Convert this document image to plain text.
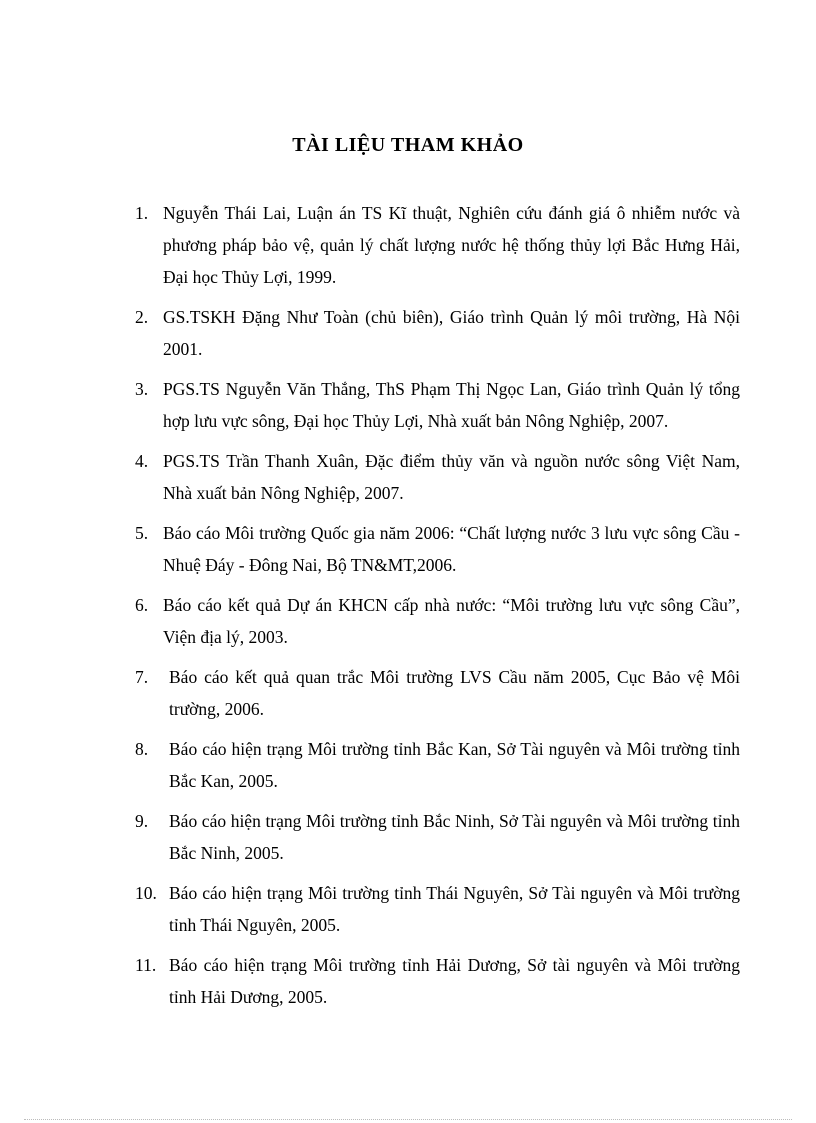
TÀI LIỆU THAM KHẢO
1. Nguyễn Thái Lai, Luận án TS Kĩ thuật, Nghiên cứu đánh giá ô nhiễm nước và phương pháp bảo vệ, quản lý chất lượng nước hệ thống thủy lợi Bắc Hưng Hải, Đại học Thủy Lợi, 1999.
2. GS.TSKH Đặng Như Toàn (chủ biên), Giáo trình Quản lý môi trường, Hà Nội 2001.
3. PGS.TS Nguyễn Văn Thắng, ThS Phạm Thị Ngọc Lan, Giáo trình Quản lý tổng hợp lưu vực sông, Đại học Thủy Lợi, Nhà xuất bản Nông Nghiệp, 2007.
4. PGS.TS Trần Thanh Xuân, Đặc điểm thủy văn và nguồn nước sông Việt Nam, Nhà xuất bản Nông Nghiệp, 2007.
5. Báo cáo Môi trường Quốc gia năm 2006: “Chất lượng nước 3 lưu vực sông Cầu - Nhuệ Đáy - Đông Nai, Bộ TN&MT,2006.
6. Báo cáo kết quả Dự án KHCN cấp nhà nước: “Môi trường lưu vực sông Cầu”, Viện địa lý, 2003.
7.	Báo cáo kết quả quan trắc Môi trường LVS Cầu năm 2005, Cục Bảo vệ Môi trường, 2006.
8.	Báo cáo hiện trạng Môi trường tỉnh Bắc Kan, Sở Tài nguyên và Môi trường tỉnh Bắc Kan, 2005.
9.	Báo cáo hiện trạng Môi trường tỉnh Bắc Ninh, Sở Tài nguyên và Môi trường tỉnh Bắc Ninh, 2005.
10. Báo cáo hiện trạng Môi trường tỉnh Thái Nguyên, Sở Tài nguyên và Môi trường tỉnh Thái Nguyên, 2005.
11. Báo cáo hiện trạng Môi trường tỉnh Hải Dương, Sở tài nguyên và Môi trường tỉnh Hải Dương, 2005.
